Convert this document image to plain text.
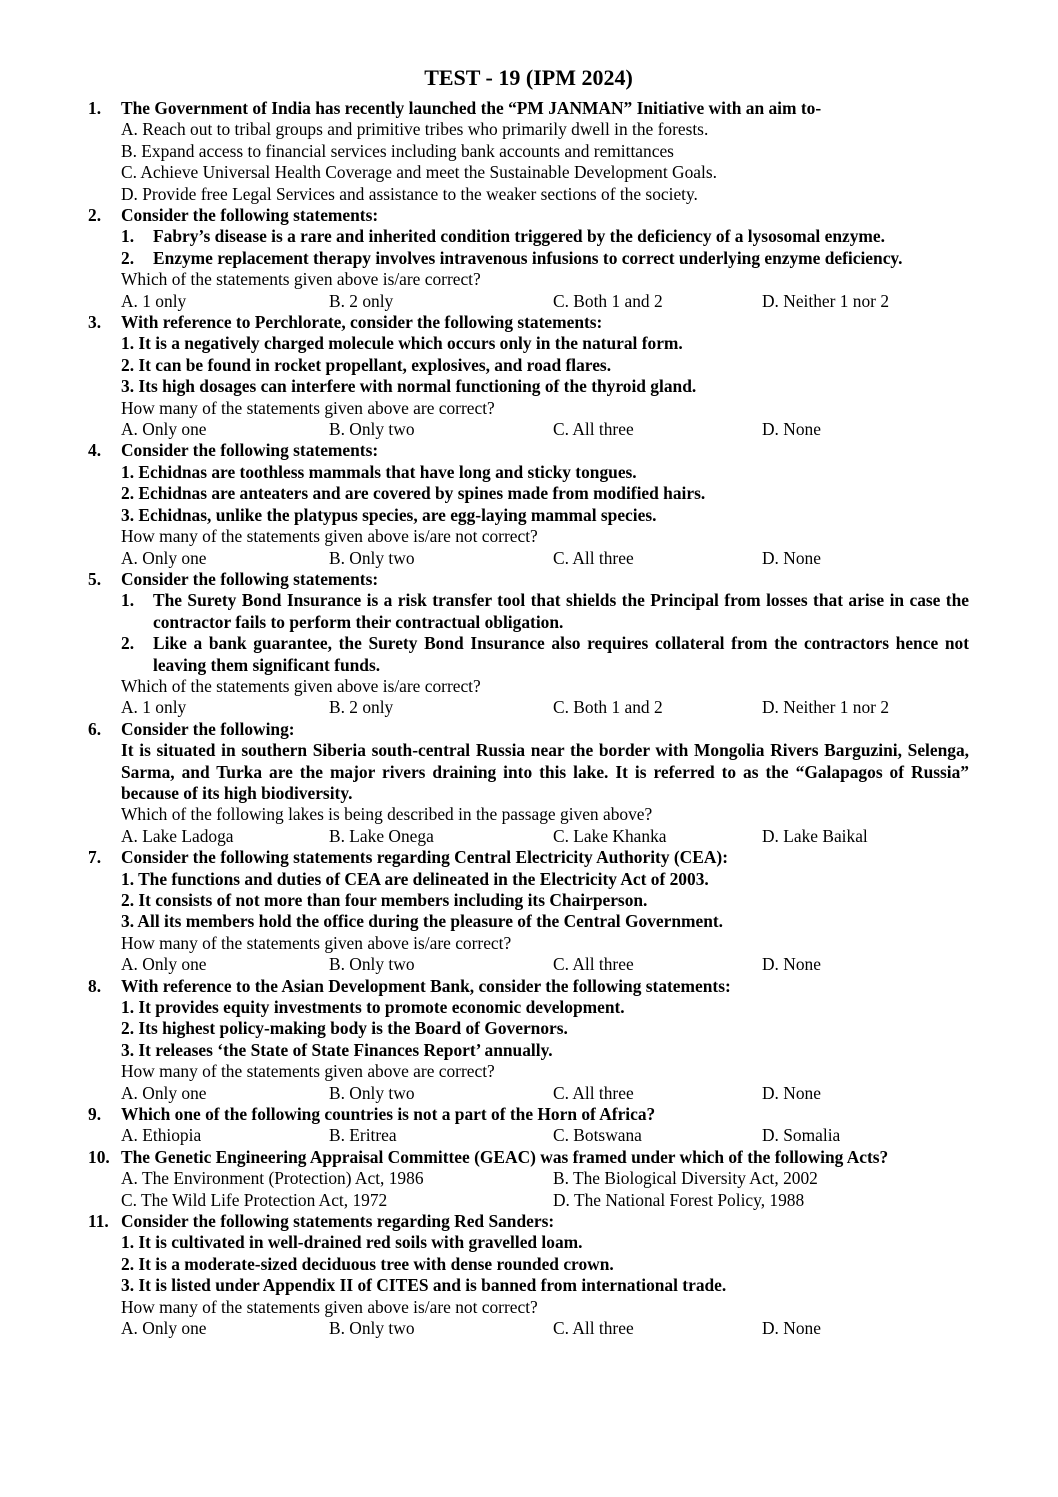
TEST - 19 (IPM 2024)
1. The Government of India has recently launched the “PM JANMAN” Initiative with an aim to-
A. Reach out to tribal groups and primitive tribes who primarily dwell in the forests.
B. Expand access to financial services including bank accounts and remittances
C. Achieve Universal Health Coverage and meet the Sustainable Development Goals.
D. Provide free Legal Services and assistance to the weaker sections of the society.
2. Consider the following statements:
1. Fabry’s disease is a rare and inherited condition triggered by the deficiency of a lysosomal enzyme.
2. Enzyme replacement therapy involves intravenous infusions to correct underlying enzyme deficiency.
Which of the statements given above is/are correct?
A. 1 only	B. 2 only	C. Both 1 and 2	D. Neither 1 nor 2
3. With reference to Perchlorate, consider the following statements:
1. It is a negatively charged molecule which occurs only in the natural form.
2. It can be found in rocket propellant, explosives, and road flares.
3. Its high dosages can interfere with normal functioning of the thyroid gland.
How many of the statements given above are correct?
A. Only one	B. Only two	C. All three	D. None
4. Consider the following statements:
1. Echidnas are toothless mammals that have long and sticky tongues.
2. Echidnas are anteaters and are covered by spines made from modified hairs.
3. Echidnas, unlike the platypus species, are egg-laying mammal species.
How many of the statements given above is/are not correct?
A. Only one	B. Only two	C. All three	D. None
5. Consider the following statements:
1. The Surety Bond Insurance is a risk transfer tool that shields the Principal from losses that arise in case the contractor fails to perform their contractual obligation.
2. Like a bank guarantee, the Surety Bond Insurance also requires collateral from the contractors hence not leaving them significant funds.
Which of the statements given above is/are correct?
A. 1 only	B. 2 only	C. Both 1 and 2	D. Neither 1 nor 2
6. Consider the following:
It is situated in southern Siberia south-central Russia near the border with Mongolia Rivers Barguzini, Selenga, Sarma, and Turka are the major rivers draining into this lake. It is referred to as the “Galapagos of Russia” because of its high biodiversity.
Which of the following lakes is being described in the passage given above?
A. Lake Ladoga	B. Lake Onega	C. Lake Khanka	D. Lake Baikal
7. Consider the following statements regarding Central Electricity Authority (CEA):
1. The functions and duties of CEA are delineated in the Electricity Act of 2003.
2. It consists of not more than four members including its Chairperson.
3. All its members hold the office during the pleasure of the Central Government.
How many of the statements given above is/are correct?
A. Only one	B. Only two	C. All three	D. None
8. With reference to the Asian Development Bank, consider the following statements:
1. It provides equity investments to promote economic development.
2. Its highest policy-making body is the Board of Governors.
3. It releases ‘the State of State Finances Report’ annually.
How many of the statements given above are correct?
A. Only one	B. Only two	C. All three	D. None
9. Which one of the following countries is not a part of the Horn of Africa?
A. Ethiopia	B. Eritrea	C. Botswana	D. Somalia
10. The Genetic Engineering Appraisal Committee (GEAC) was framed under which of the following Acts?
A. The Environment (Protection) Act, 1986	B. The Biological Diversity Act, 2002
C. The Wild Life Protection Act, 1972	D. The National Forest Policy, 1988
11. Consider the following statements regarding Red Sanders:
1. It is cultivated in well-drained red soils with gravelled loam.
2. It is a moderate-sized deciduous tree with dense rounded crown.
3. It is listed under Appendix II of CITES and is banned from international trade.
How many of the statements given above is/are not correct?
A. Only one	B. Only two	C. All three	D. None
